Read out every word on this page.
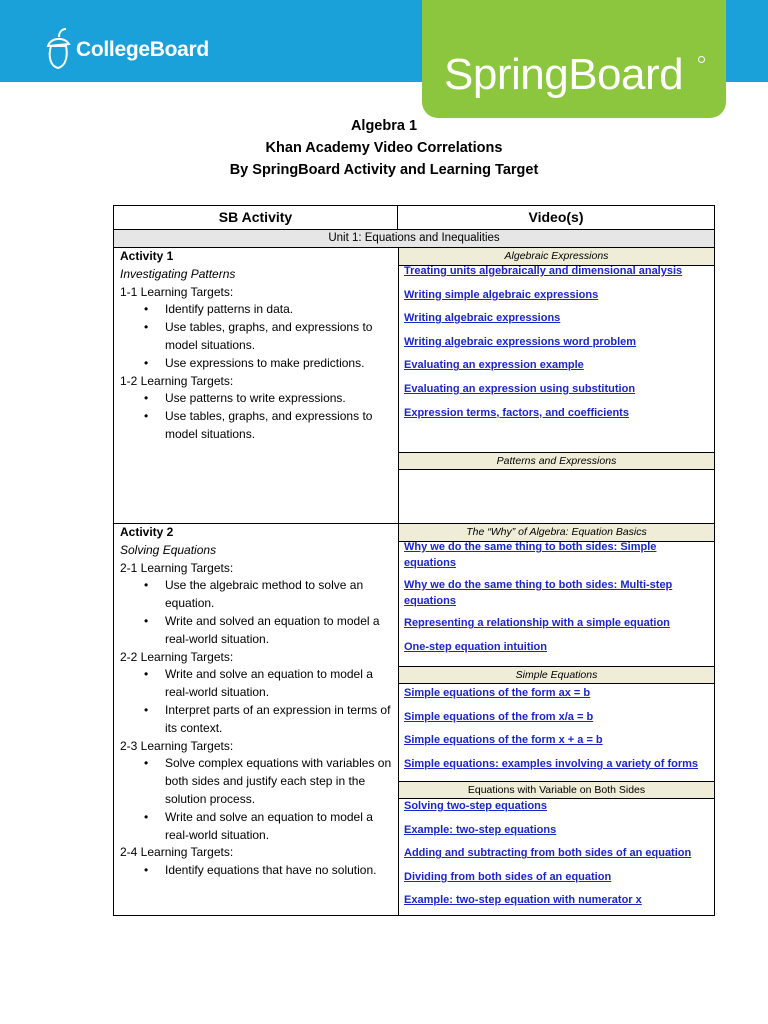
CollegeBoard
SpringBoard
Algebra 1
Khan Academy Video Correlations
By SpringBoard Activity and Learning Target
SB Activity	Video(s)
Unit 1: Equations and Inequalities
Activity 1
Investigating Patterns
1-1 Learning Targets:
• Identify patterns in data.
• Use tables, graphs, and expressions to model situations.
• Use expressions to make predictions.
1-2 Learning Targets:
• Use patterns to write expressions.
• Use tables, graphs, and expressions to model situations.
Algebraic Expressions
Treating units algebraically and dimensional analysis
Writing simple algebraic expressions
Writing algebraic expressions
Writing algebraic expressions word problem
Evaluating an expression example
Evaluating an expression using substitution
Expression terms, factors, and coefficients
Patterns and Expressions
Activity 2
Solving Equations
2-1 Learning Targets:
• Use the algebraic method to solve an equation.
• Write and solved an equation to model a real-world situation.
2-2 Learning Targets:
• Write and solve an equation to model a real-world situation.
• Interpret parts of an expression in terms of its context.
2-3 Learning Targets:
• Solve complex equations with variables on both sides and justify each step in the solution process.
• Write and solve an equation to model a real-world situation.
2-4 Learning Targets:
• Identify equations that have no solution.
The “Why” of Algebra: Equation Basics
Why we do the same thing to both sides: Simple equations
Why we do the same thing to both sides: Multi-step equations
Representing a relationship with a simple equation
One-step equation intuition
Simple Equations
Simple equations of the form ax = b
Simple equations of the from x/a = b
Simple equations of the form x + a = b
Simple equations: examples involving a variety of forms
Equations with Variable on Both Sides
Solving two-step equations
Example: two-step equations
Adding and subtracting from both sides of an equation
Dividing from both sides of an equation
Example: two-step equation with numerator x
